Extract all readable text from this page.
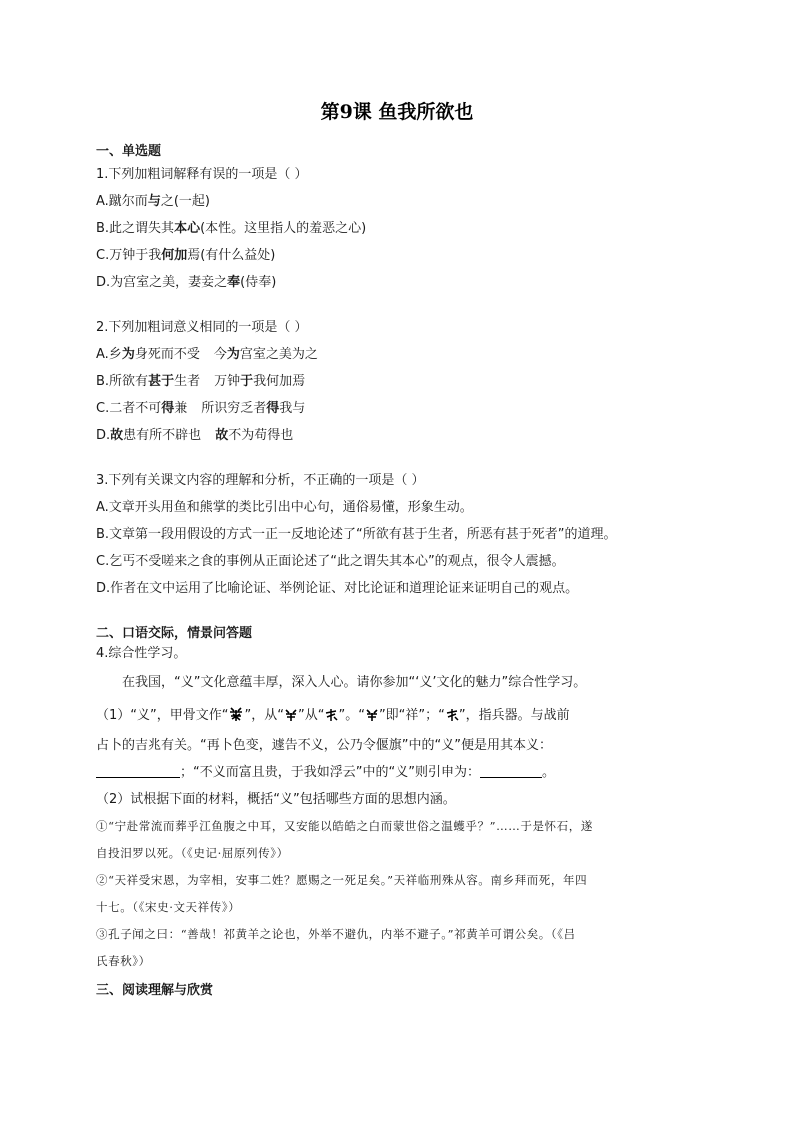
第9课 鱼我所欲也
一、单选题
1.下列加粗词解释有误的一项是（ ）
A.蹴尔而与之(一起)
B.此之谓失其本心(本性。这里指人的羞恶之心)
C.万钟于我何加焉(有什么益处)
D.为宫室之美，妻妾之奉(侍奉)
2.下列加粗词意义相同的一项是（ ）
A.乡为身死而不受 今为宫室之美为之
B.所欲有甚于生者 万钟于我何加焉
C.二者不可得兼 所识穷乏者得我与
D.故患有所不辟也 故不为苟得也
3.下列有关课文内容的理解和分析，不正确的一项是（ ）
A.文章开头用鱼和熊掌的类比引出中心句，通俗易懂，形象生动。
B.文章第一段用假设的方式一正一反地论述了“所欲有甚于生者，所恶有甚于死者”的道理。
C.乞丐不受嗟来之食的事例从正面论述了“此之谓失其本心”的观点，很令人震撼。
D.作者在文中运用了比喻论证、举例论证、对比论证和道理论证来证明自己的观点。
二、口语交际，情景问答题
4.综合性学习。
在我国，“义”文化意蕴丰厚，深入人心。请你参加“‘义’文化的魅力”综合性学习。
（1）“义”，甲骨文作“ ”，从“ ”从“ ”。“ ”即“祥”；“ ”，指兵器。与战前
占卜的吉兆有关。“再卜色变，遽告不义，公乃令偃旗”中的“义”便是用其本义：
；“不义而富且贵，于我如浮云”中的“义”则引申为：	。
（2）试根据下面的材料，概括“义”包括哪些方面的思想内涵。
①“宁赴常流而葬乎江鱼腹之中耳，又安能以皓皓之白而蒙世俗之温蠖乎？”……于是怀石，遂
自投汨罗以死。（《史记·屈原列传》）
②“天祥受宋恩，为宰相，安事二姓？愿赐之一死足矣。”天祥临刑殊从容。南乡拜而死，年四
十七。（《宋史·文天祥传》）
③孔子闻之曰：“善哉！祁黄羊之论也，外举不避仇，内举不避子。”祁黄羊可谓公矣。（《吕
氏春秋》）
三、阅读理解与欣赏
